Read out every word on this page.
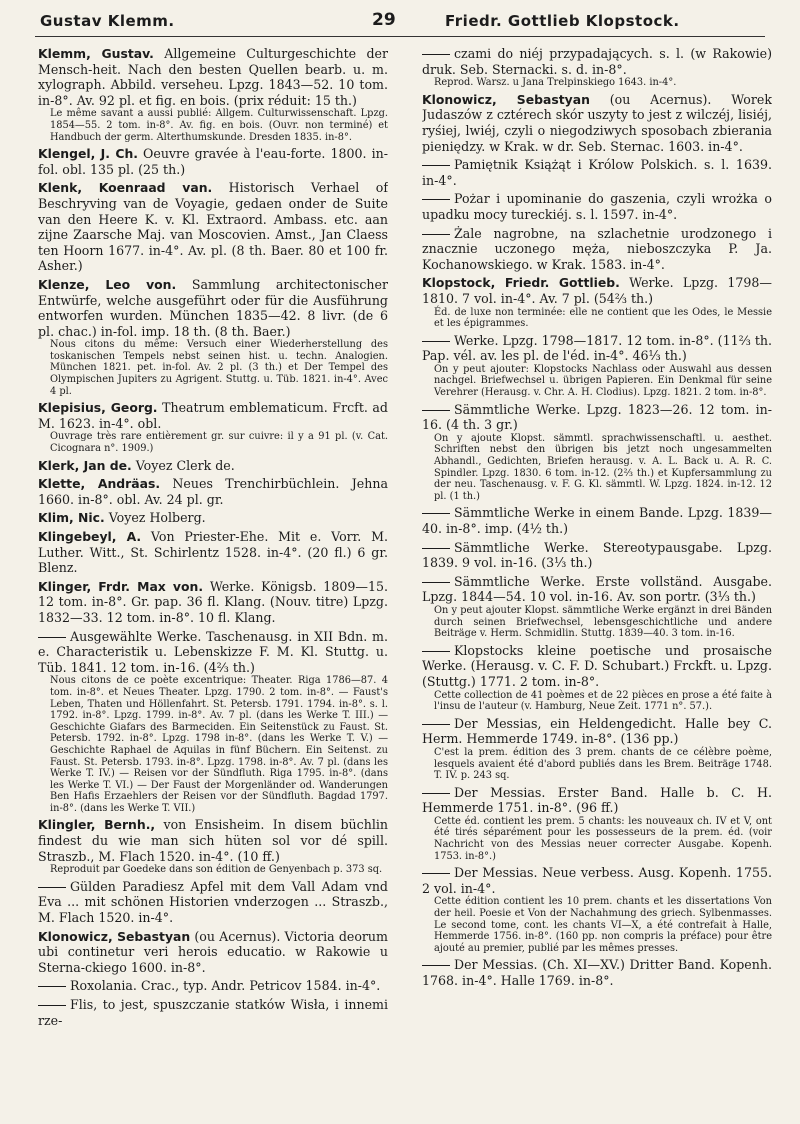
Gustav Klemm.	29	Friedr. Gottlieb Klopstock.

Klemm, Gustav. Allgemeine Culturgeschichte der Mensch-heit. Nach den besten Quellen bearb. u. m. xylograph. Abbild. verseheu. Lpzg. 1843—52. 10 tom. in-8°. Av. 92 pl. et fig. en bois. (prix réduit: 15 th.)

Le même savant a aussi publié: Allgem. Culturwissenschaft. Lpzg. 1854—55. 2 tom. in-8°. Av. fig. en bois. (Ouvr. non terminé) et Handbuch der germ. Alterthumskunde. Dresden 1835. in-8°.

Klengel, J. Ch. Oeuvre gravée à l'eau-forte. 1800. in-fol. obl. 135 pl. (25 th.)

Klenk, Koenraad van. Historisch Verhael of Beschryving van de Voyagie, gedaen onder de Suite van den Heere K. v. Kl. Extraord. Ambass. etc. aan zijne Zaarsche Maj. van Moscovien. Amst., Jan Claess ten Hoorn 1677. in-4°. Av. pl. (8 th. Baer. 80 et 100 fr. Asher.)

Klenze, Leo von. Sammlung architectonischer Entwürfe, welche ausgeführt oder für die Ausführung entworfen wurden. München 1835—42. 8 livr. (de 6 pl. chac.) in-fol. imp. 18 th. (8 th. Baer.)

Nous citons du même: Versuch einer Wiederherstellung des toskanischen Tempels nebst seinen hist. u. techn. Analogien. München 1821. pet. in-fol. Av. 2 pl. (3 th.) et Der Tempel des Olympischen Jupiters zu Agrigent. Stuttg. u. Tüb. 1821. in-4°. Avec 4 pl.

Klepisius, Georg. Theatrum emblematicum. Frcft. ad M. 1623. in-4°. obl.

Ouvrage très rare entièrement gr. sur cuivre: il y a 91 pl. (v. Cat. Cicognara n°. 1909.)

Klerk, Jan de. Voyez Clerk de.

Klette, Andräas. Neues Trenchirbüchlein. Jehna 1660. in-8°. obl. Av. 24 pl. gr.

Klim, Nic. Voyez Holberg.

Klingebeyl, A. Von Priester-Ehe. Mit e. Vorr. M. Luther. Witt., St. Schirlentz 1528. in-4°. (20 fl.) 6 gr. Blenz.

Klinger, Frdr. Max von. Werke. Königsb. 1809—15. 12 tom. in-8°. Gr. pap. 36 fl. Klang. (Nouv. titre) Lpzg. 1832—33. 12 tom. in-8°. 10 fl. Klang.

Ausgewählte Werke. Taschenausg. in XII Bdn. m. e. Characteristik u. Lebenskizze F. M. Kl. Stuttg. u. Tüb. 1841. 12 tom. in-16. (4⅔ th.)

Nous citons de ce poète excentrique: Theater. Riga 1786—87. 4 tom. in-8°. et Neues Theater. Lpzg. 1790. 2 tom. in-8°. — Faust's Leben, Thaten und Höllenfahrt. St. Petersb. 1791. 1794. in-8°. s. l. 1792. in-8°. Lpzg. 1799. in-8°. Av. 7 pl. (dans les Werke T. III.) — Geschichte Giafars des Barmeciden. Ein Seitenstück zu Faust. St. Petersb. 1792. in-8°. Lpzg. 1798 in-8°. (dans les Werke T. V.) — Geschichte Raphael de Aquilas in fünf Büchern. Ein Seitenst. zu Faust. St. Petersb. 1793. in-8°. Lpzg. 1798. in-8°. Av. 7 pl. (dans les Werke T. IV.) — Reisen vor der Sündfluth. Riga 1795. in-8°. (dans les Werke T. VI.) — Der Faust der Morgenländer od. Wanderungen Ben Hafis Erzaehlers der Reisen vor der Sündfluth. Bagdad 1797. in-8°. (dans les Werke T. VII.)

Klingler, Bernh., von Ensisheim. In disem büchlin findest du wie man sich hüten sol vor dé spill. Straszb., M. Flach 1520. in-4°. (10 ff.)

Reproduit par Goedeke dans son édition de Genyenbach p. 373 sq.

Gülden Paradiesz Apfel mit dem Vall Adam vnd Eva ... mit schönen Historien vnderzogen ... Straszb., M. Flach 1520. in-4°.

Klonowicz, Sebastyan (ou Acernus). Victoria deorum ubi continetur veri herois educatio. w Rakowie u Sterna-ckiego 1600. in-8°.

Roxolania. Crac., typ. Andr. Petricov 1584. in-4°.

Flis, to jest, spuszczanie statków Wisła, i innemi rze-

czami do niéj przypadających. s. l. (w Rakowie) druk. Seb. Sternacki. s. d. in-8°.

Reprod. Warsz. u Jana Trelpinskiego 1643. in-4°.

Klonowicz, Sebastyan (ou Acernus). Worek Judaszów z cztérech skór uszyty to jest z wilczéj, lisiéj, ryśiej, lwiéj, czyli o niegodziwych sposobach zbierania pieniędzy. w Krak. w dr. Seb. Sternac. 1603. in-4°.

Pamiętnik Książąt i Królow Polskich. s. l. 1639. in-4°.

Pożar i upominanie do gaszenia, czyli wrożka o upadku mocy tureckiéj. s. l. 1597. in-4°.

Żale nagrobne, na szlachetnie urodzonego i znacznie uczonego męża, nieboszczyka P. Ja. Kochanowskiego. w Krak. 1583. in-4°.

Klopstock, Friedr. Gottlieb. Werke. Lpzg. 1798—1810. 7 vol. in-4°. Av. 7 pl. (54⅔ th.)

Éd. de luxe non terminée: elle ne contient que les Odes, le Messie et les épigrammes.

Werke. Lpzg. 1798—1817. 12 tom. in-8°. (11⅔ th. Pap. vél. av. les pl. de l'éd. in-4°. 46⅓ th.)

On y peut ajouter: Klopstocks Nachlass oder Auswahl aus dessen nachgel. Briefwechsel u. übrigen Papieren. Ein Denkmal für seine Verehrer (Herausg. v. Chr. A. H. Clodius). Lpzg. 1821. 2 tom. in-8°.

Sämmtliche Werke. Lpzg. 1823—26. 12 tom. in-16. (4 th. 3 gr.)

On y ajoute Klopst. sämmtl. sprachwissenschaftl. u. aesthet. Schriften nebst den übrigen bis jetzt noch ungesammelten Abhandl., Gedichten, Briefen herausg. v. A. L. Back u. A. R. C. Spindler. Lpzg. 1830. 6 tom. in-12. (2⅔ th.) et Kupfersammlung zu der neu. Taschenausg. v. F. G. Kl. sämmtl. W. Lpzg. 1824. in-12. 12 pl. (1 th.)

Sämmtliche Werke in einem Bande. Lpzg. 1839—40. in-8°. imp. (4½ th.)

Sämmtliche Werke. Stereotypausgabe. Lpzg. 1839. 9 vol. in-16. (3⅓ th.)

Sämmtliche Werke. Erste vollständ. Ausgabe. Lpzg. 1844—54. 10 vol. in-16. Av. son portr. (3⅓ th.)

On y peut ajouter Klopst. sämmtliche Werke ergänzt in drei Bänden durch seinen Briefwechsel, lebensgeschichtliche und andere Beiträge v. Herm. Schmidlin. Stuttg. 1839—40. 3 tom. in-16.

Klopstocks kleine poetische und prosaische Werke. (Herausg. v. C. F. D. Schubart.) Frckft. u. Lpzg. (Stuttg.) 1771. 2 tom. in-8°.

Cette collection de 41 poèmes et de 22 pièces en prose a été faite à l'insu de l'auteur (v. Hamburg, Neue Zeit. 1771 n°. 57.).

Der Messias, ein Heldengedicht. Halle bey C. Herm. Hemmerde 1749. in-8°. (136 pp.)

C'est la prem. édition des 3 prem. chants de ce célèbre poème, lesquels avaient été d'abord publiés dans les Brem. Beiträge 1748. T. IV. p. 243 sq.

Der Messias. Erster Band. Halle b. C. H. Hemmerde 1751. in-8°. (96 ff.)

Cette éd. contient les prem. 5 chants: les nouveaux ch. IV et V, ont été tirés séparément pour les possesseurs de la prem. éd. (voir Nachricht von des Messias neuer correcter Ausgabe. Kopenh. 1753. in-8°.)

Der Messias. Neue verbess. Ausg. Kopenh. 1755. 2 vol. in-4°.

Cette édition contient les 10 prem. chants et les dissertations Von der heil. Poesie et Von der Nachahmung des griech. Sylbenmasses. Le second tome, cont. les chants VI—X, a été contrefait à Halle, Hemmerde 1756. in-8°. (160 pp. non compris la préface) pour être ajouté au premier, publié par les mêmes presses.

Der Messias. (Ch. XI—XV.) Dritter Band. Kopenh. 1768. in-4°. Halle 1769. in-8°.
